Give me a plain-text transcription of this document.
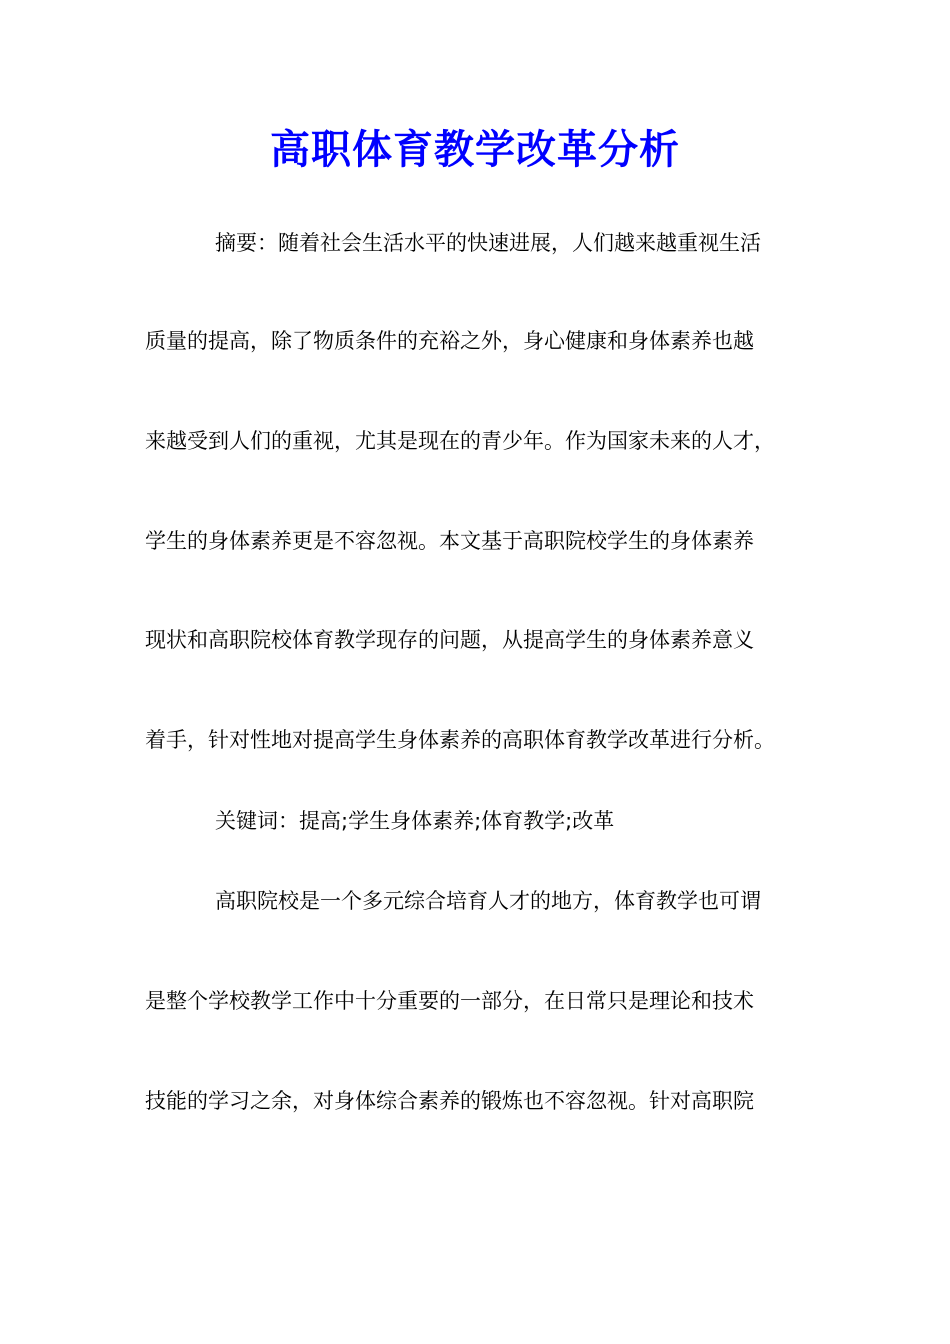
高职体育教学改革分析

摘要：随着社会生活水平的快速进展，人们越来越重视生活

质量的提高，除了物质条件的充裕之外，身心健康和身体素养也越

来越受到人们的重视，尤其是现在的青少年。作为国家未来的人才，

学生的身体素养更是不容忽视。本文基于高职院校学生的身体素养

现状和高职院校体育教学现存的问题，从提高学生的身体素养意义

着手，针对性地对提高学生身体素养的高职体育教学改革进行分析。

关键词：提高;学生身体素养;体育教学;改革

高职院校是一个多元综合培育人才的地方，体育教学也可谓

是整个学校教学工作中十分重要的一部分，在日常只是理论和技术

技能的学习之余，对身体综合素养的锻炼也不容忽视。针对高职院
